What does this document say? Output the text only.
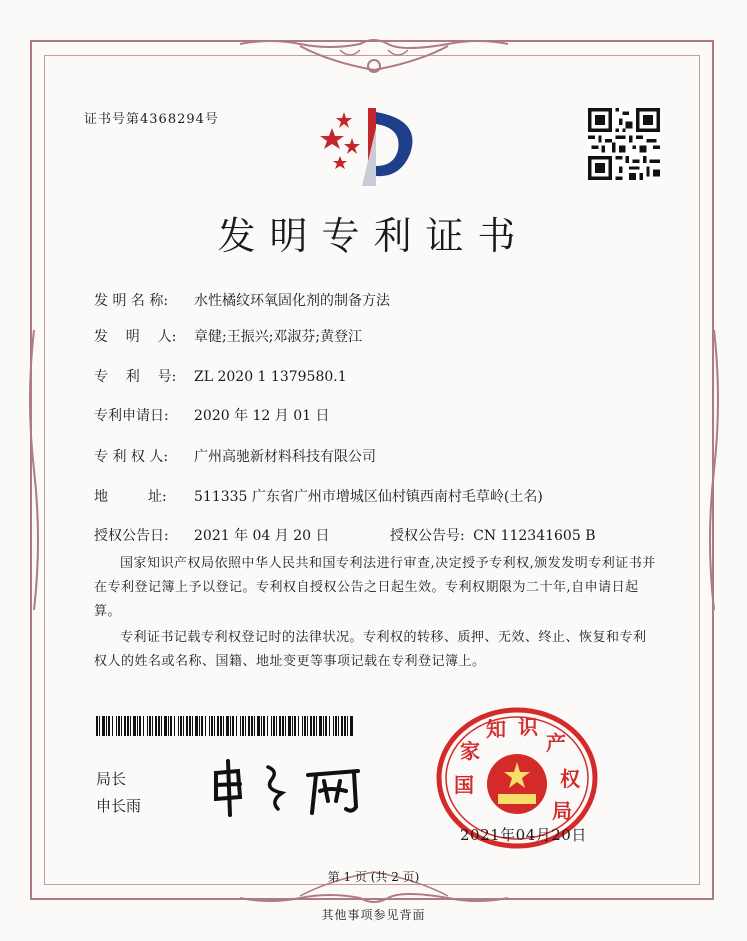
证书号第4368294号
发明专利证书
发 明 名 称: 水性橘纹环氧固化剂的制备方法
发    明    人: 章健;王振兴;邓淑芬;黄登江
专    利    号: ZL 2020 1 1379580.1
专利申请日: 2020 年 12 月 01 日
专 利 权 人: 广州高驰新材料科技有限公司
地         址: 511335 广东省广州市增城区仙村镇西南村毛草岭(土名)
授权公告日: 2021 年 04 月 20 日	授权公告号: CN 112341605 B
国家知识产权局依照中华人民共和国专利法进行审查,决定授予专利权,颁发发明专利证书并在专利登记簿上予以登记。专利权自授权公告之日起生效。专利权期限为二十年,自申请日起算。
专利证书记载专利权登记时的法律状况。专利权的转移、质押、无效、终止、恢复和专利权人的姓名或名称、国籍、地址变更等事项记载在专利登记簿上。
局长
申长雨
国
家
知 识
产
权
局
2021年04月20日
第 1 页 (共 2 页)
其他事项参见背面
